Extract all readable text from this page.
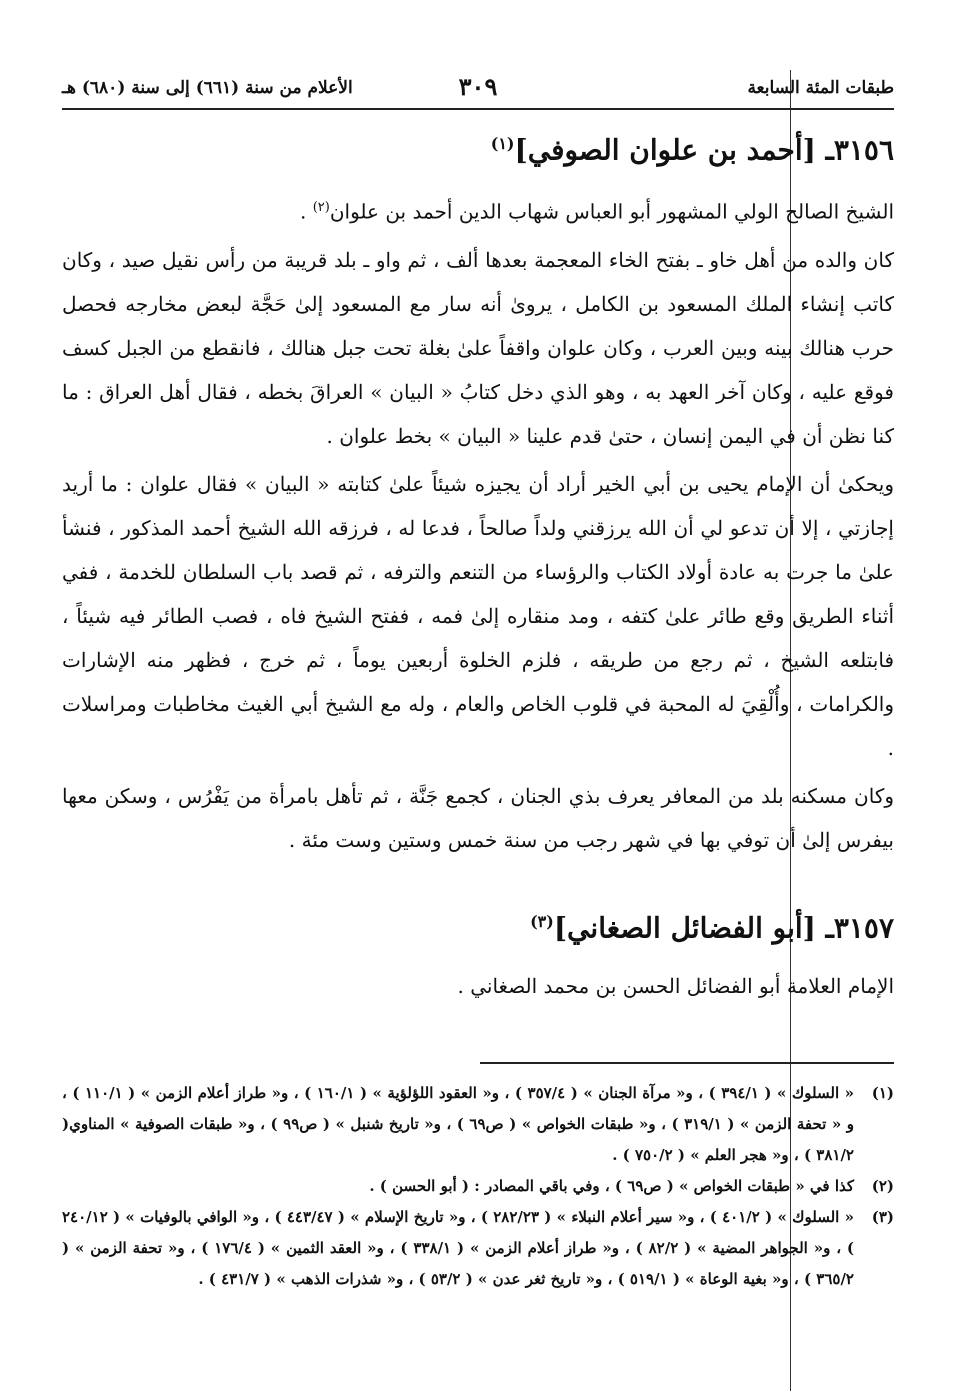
طبقات المئة السابعة
٣٠٩
الأعلام من سنة (٦٦١) إلى سنة (٦٨٠) هـ
٣١٥٦ـ [أحمد بن علوان الصوفي]$^{(١)}$

الشيخ الصالح الولي المشهور أبو العباس شهاب الدين أحمد بن علوان$^{(٢)}$ .

كان والده من أهل خاو ـ بفتح الخاء المعجمة بعدها ألف ، ثم واو ـ بلد قريبة من رأس نقيل صيد ، وكان كاتب إنشاء الملك المسعود بن الكامل ، يروىٰ أنه سار مع المسعود إلىٰ حَجَّة لبعض مخارجه فحصل حرب هنالك بينه وبين العرب ، وكان علوان واقفاً علىٰ بغلة تحت جبل هنالك ، فانقطع من الجبل كسف فوقع عليه ، وكان آخر العهد به ، وهو الذي دخل كتابُ « البيان » العراقَ بخطه ، فقال أهل العراق : ما كنا نظن أن في اليمن إنسان ، حتىٰ قدم علينا « البيان » بخط علوان .

ويحكىٰ أن الإمام يحيى بن أبي الخير أراد أن يجيزه شيئاً علىٰ كتابته « البيان » فقال علوان : ما أريد إجازتي ، إلا أن تدعو لي أن الله يرزقني ولداً صالحاً ، فدعا له ، فرزقه الله الشيخ أحمد المذكور ، فنشأ علىٰ ما جرت به عادة أولاد الكتاب والرؤساء من التنعم والترفه ، ثم قصد باب السلطان للخدمة ، ففي أثناء الطريق وقع طائر علىٰ كتفه ، ومد منقاره إلىٰ فمه ، ففتح الشيخ فاه ، فصب الطائر فيه شيئاً ، فابتلعه الشيخ ، ثم رجع من طريقه ، فلزم الخلوة أربعين يوماً ، ثم خرج ، فظهر منه الإشارات والكرامات ، وأُلْقِيَ له المحبة في قلوب الخاص والعام ، وله مع الشيخ أبي الغيث مخاطبات ومراسلات .

وكان مسكنه بلد من المعافر يعرف بذي الجنان ، كجمع جَنَّة ، ثم تأهل بامرأة من يَفْرُس ، وسكن معها بيفرس إلىٰ أن توفي بها في شهر رجب من سنة خمس وستين وست مئة .

٣١٥٧ـ [أبو الفضائل الصغاني]$^{(٣)}$

الإمام العلامة أبو الفضائل الحسن بن محمد الصغاني .

(١)
« السلوك » ( ٣٩٤/١ ) ، و« مرآة الجنان » ( ٣٥٧/٤ ) ، و« العقود اللؤلؤية » ( ١٦٠/١ ) ، و« طراز أعلام الزمن » ( ١١٠/١ ) ، و « تحفة الزمن » ( ٣١٩/١ ) ، و« طبقات الخواص » ( ص٦٩ ) ، و« تاريخ شنبل » ( ص٩٩ ) ، و« طبقات الصوفية » المناوي( ٣٨١/٢ ) ، و« هجر العلم » ( ٧٥٠/٢ ) .
(٢)
كذا في « طبقات الخواص » ( ص٦٩ ) ، وفي باقي المصادر : ( أبو الحسن ) .
(٣)
« السلوك » ( ٤٠١/٢ ) ، و« سير أعلام النبلاء » ( ٢٨٢/٢٣ ) ، و« تاريخ الإسلام » ( ٤٤٣/٤٧ ) ، و« الوافي بالوفيات » ( ٢٤٠/١٢ ) ، و« الجواهر المضية » ( ٨٢/٢ ) ، و« طراز أعلام الزمن » ( ٣٣٨/١ ) ، و« العقد الثمين » ( ١٧٦/٤ ) ، و« تحفة الزمن » ( ٣٦٥/٢ ) ، و« بغية الوعاة » ( ٥١٩/١ ) ، و« تاريخ ثغر عدن » ( ٥٣/٢ ) ، و« شذرات الذهب » ( ٤٣١/٧ ) .
